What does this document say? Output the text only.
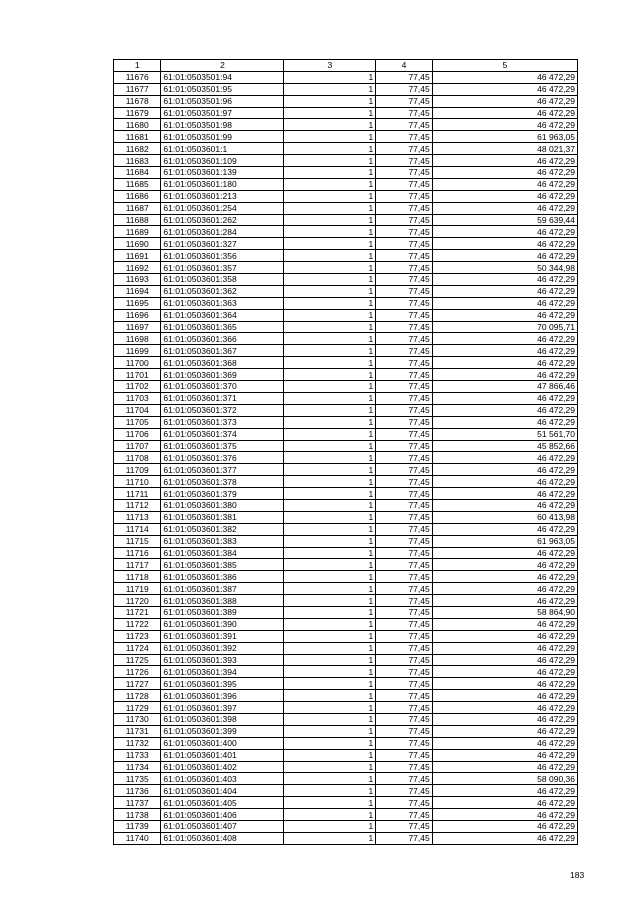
1	2	3	4	5
11676	61:01:0503501:94	1	77,45	46 472,29
11677	61:01:0503501:95	1	77,45	46 472,29
11678	61:01:0503501:96	1	77,45	46 472,29
11679	61:01:0503501:97	1	77,45	46 472,29
11680	61:01:0503501:98	1	77,45	46 472,29
11681	61:01:0503501:99	1	77,45	61 963,05
11682	61:01:0503601:1	1	77,45	48 021,37
11683	61:01:0503601:109	1	77,45	46 472,29
11684	61:01:0503601:139	1	77,45	46 472,29
11685	61:01:0503601:180	1	77,45	46 472,29
11686	61:01:0503601:213	1	77,45	46 472,29
11687	61:01:0503601:254	1	77,45	46 472,29
11688	61:01:0503601:262	1	77,45	59 639,44
11689	61:01:0503601:284	1	77,45	46 472,29
11690	61:01:0503601:327	1	77,45	46 472,29
11691	61:01:0503601:356	1	77,45	46 472,29
11692	61:01:0503601:357	1	77,45	50 344,98
11693	61:01:0503601:358	1	77,45	46 472,29
11694	61:01:0503601:362	1	77,45	46 472,29
11695	61:01:0503601:363	1	77,45	46 472,29
11696	61:01:0503601:364	1	77,45	46 472,29
11697	61:01:0503601:365	1	77,45	70 095,71
11698	61:01:0503601:366	1	77,45	46 472,29
11699	61:01:0503601:367	1	77,45	46 472,29
11700	61:01:0503601:368	1	77,45	46 472,29
11701	61:01:0503601:369	1	77,45	46 472,29
11702	61:01:0503601:370	1	77,45	47 866,46
11703	61:01:0503601:371	1	77,45	46 472,29
11704	61:01:0503601:372	1	77,45	46 472,29
11705	61:01:0503601:373	1	77,45	46 472,29
11706	61:01:0503601:374	1	77,45	51 561,70
11707	61:01:0503601:375	1	77,45	45 852,66
11708	61:01:0503601:376	1	77,45	46 472,29
11709	61:01:0503601:377	1	77,45	46 472,29
11710	61:01:0503601:378	1	77,45	46 472,29
11711	61:01:0503601:379	1	77,45	46 472,29
11712	61:01:0503601:380	1	77,45	46 472,29
11713	61:01:0503601:381	1	77,45	60 413,98
11714	61:01:0503601:382	1	77,45	46 472,29
11715	61:01:0503601:383	1	77,45	61 963,05
11716	61:01:0503601:384	1	77,45	46 472,29
11717	61:01:0503601:385	1	77,45	46 472,29
11718	61:01:0503601:386	1	77,45	46 472,29
11719	61:01:0503601:387	1	77,45	46 472,29
11720	61:01:0503601:388	1	77,45	46 472,29
11721	61:01:0503601:389	1	77,45	58 864,90
11722	61:01:0503601:390	1	77,45	46 472,29
11723	61:01:0503601:391	1	77,45	46 472,29
11724	61:01:0503601:392	1	77,45	46 472,29
11725	61:01:0503601:393	1	77,45	46 472,29
11726	61:01:0503601:394	1	77,45	46 472,29
11727	61:01:0503601:395	1	77,45	46 472,29
11728	61:01:0503601:396	1	77,45	46 472,29
11729	61:01:0503601:397	1	77,45	46 472,29
11730	61:01:0503601:398	1	77,45	46 472,29
11731	61:01:0503601:399	1	77,45	46 472,29
11732	61:01:0503601:400	1	77,45	46 472,29
11733	61:01:0503601:401	1	77,45	46 472,29
11734	61:01:0503601:402	1	77,45	46 472,29
11735	61:01:0503601:403	1	77,45	58 090,36
11736	61:01:0503601:404	1	77,45	46 472,29
11737	61:01:0503601:405	1	77,45	46 472,29
11738	61:01:0503601:406	1	77,45	46 472,29
11739	61:01:0503601:407	1	77,45	46 472,29
11740	61:01:0503601:408	1	77,45	46 472,29
183
